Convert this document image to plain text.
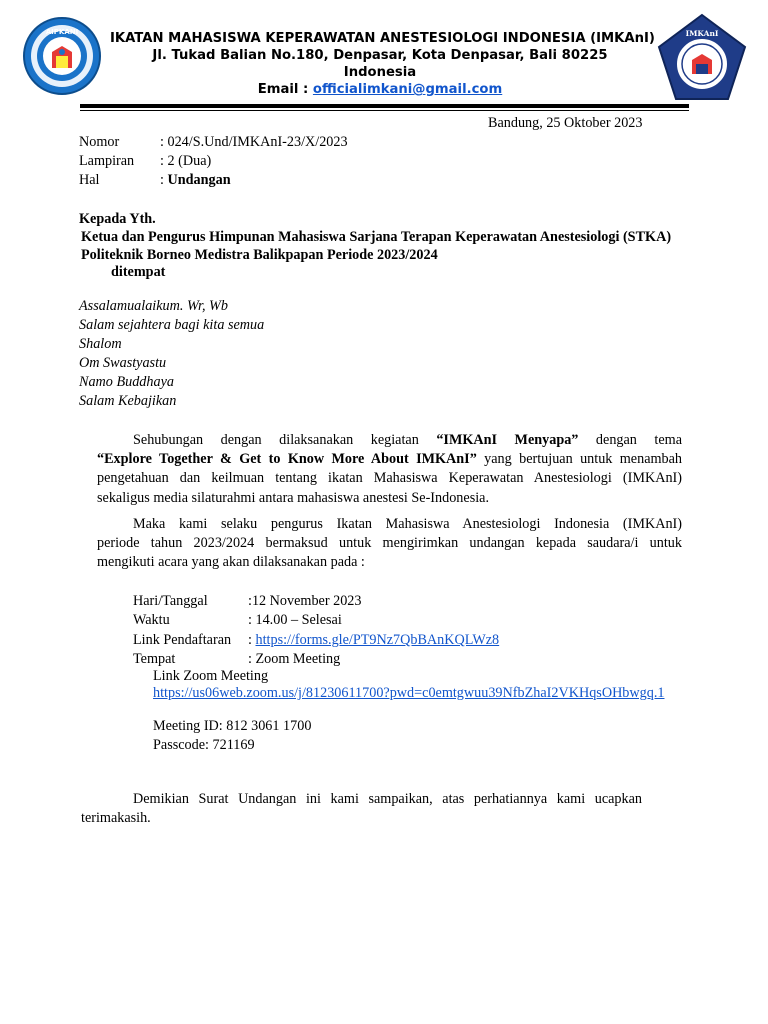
AIPKANI	IMKAnI
IKATAN MAHASISWA KEPERAWATAN ANESTESIOLOGI INDONESIA (IMKAnI)
Jl. Tukad Balian No.180, Denpasar, Kota Denpasar, Bali 80225
Indonesia
Email : officialimkani@gmail.com
Bandung, 25 Oktober 2023
Nomor	: 024/S.Und/IMKAnI-23/X/2023
Lampiran : 2 (Dua)
Hal	: Undangan
Kepada Yth.
Ketua dan Pengurus Himpunan Mahasiswa Sarjana Terapan Keperawatan Anestesiologi (STKA)
Politeknik Borneo Medistra Balikpapan Periode 2023/2024
ditempat
Assalamualaikum. Wr, Wb
Salam sejahtera bagi kita semua
Shalom
Om Swastyastu
Namo Buddhaya
Salam Kebajikan
Sehubungan dengan dilaksanakan kegiatan “IMKAnI Menyapa” dengan tema
“Explore Together & Get to Know More About IMKAnI” yang bertujuan untuk menambah
pengetahuan dan keilmuan tentang ikatan Mahasiswa Keperawatan Anestesiologi (IMKAnI)
sekaligus media silaturahmi antara mahasiswa anestesi Se-Indonesia.
Maka kami selaku pengurus Ikatan Mahasiswa Anestesiologi Indonesia (IMKAnI)
periode tahun 2023/2024 bermaksud untuk mengirimkan undangan kepada saudara/i untuk
mengikuti acara yang akan dilaksanakan pada :
Hari/Tanggal	:12 November 2023
Waktu	: 14.00 – Selesai
Link Pendaftaran : https://forms.gle/PT9Nz7QbBAnKQLWz8
Tempat	: Zoom Meeting
Link Zoom Meeting
https://us06web.zoom.us/j/81230611700?pwd=c0emtgwuu39NfbZhaI2VKHqsOHbwgq.1
Meeting ID: 812 3061 1700
Passcode: 721169
Demikian Surat Undangan ini kami sampaikan, atas perhatiannya kami ucapkan
terimakasih.
